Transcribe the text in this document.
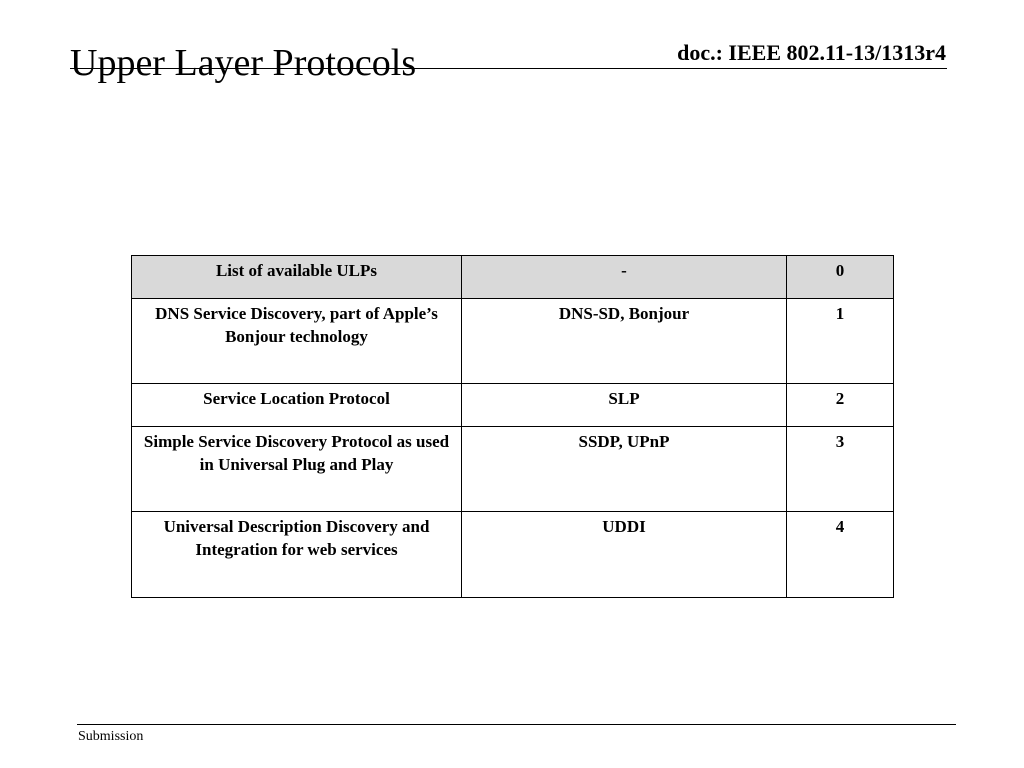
doc.: IEEE 802.11-13/1313r4
Upper Layer Protocols
List of available ULPs	-	0
DNS Service Discovery, part of Apple’s Bonjour technology	DNS-SD, Bonjour	1
Service Location Protocol	SLP	2
Simple Service Discovery Protocol as used in Universal Plug and Play	SSDP, UPnP	3
Universal Description Discovery and Integration for web services	UDDI	4
Submission
